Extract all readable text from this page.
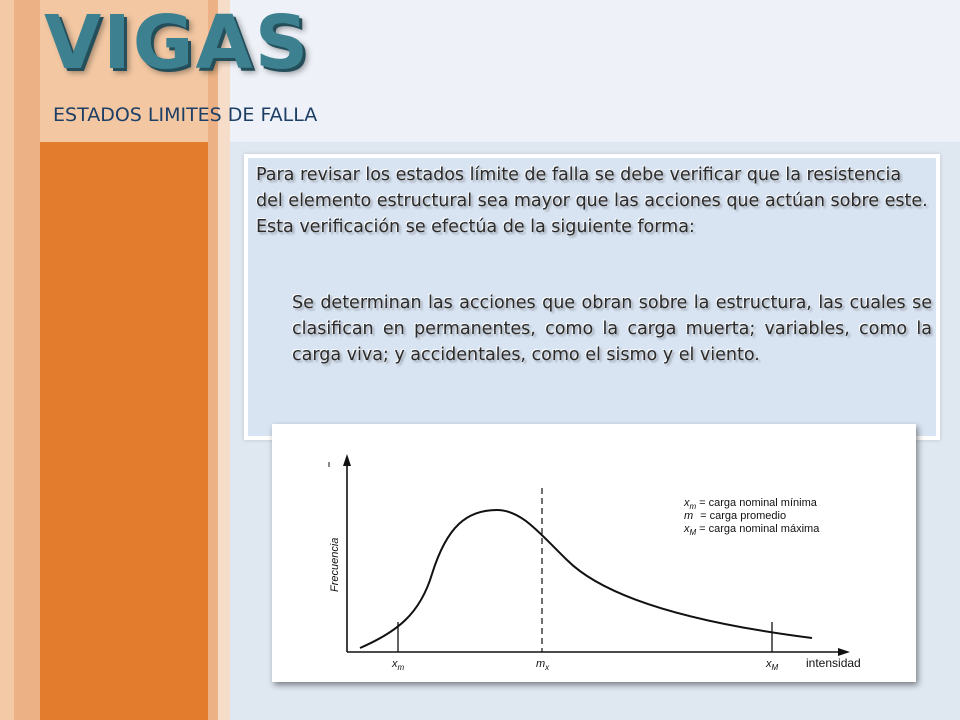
VIGAS
ESTADOS LIMITES DE FALLA

Para revisar los estados límite de falla se debe verificar que la resistencia del elemento estructural sea mayor que las acciones que actúan sobre este. Esta verificación se efectúa de la siguiente forma:

Se determinan las acciones que obran sobre la estructura, las cuales se clasifican en permanentes, como la carga muerta; variables, como la carga viva; y accidentales, como el sismo y el viento.

Frecuencia
intensidad
$x_m$	$m_x$	$x_M$
$x_m$ = carga nominal mínima
m = carga promedio
$x_M$ = carga nominal máxima
